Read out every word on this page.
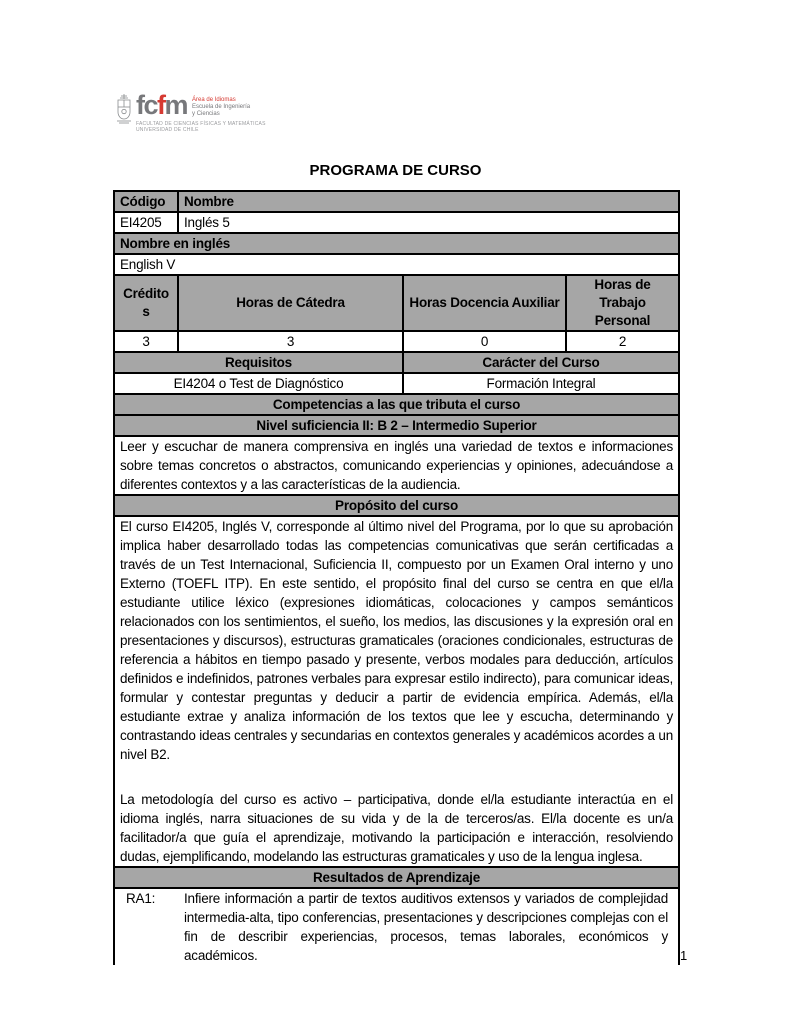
fcfm Área de Idiomas
Escuela de Ingeniería
y Ciencias
FACULTAD DE CIENCIAS FÍSICAS Y MATEMÁTICAS
UNIVERSIDAD DE CHILE
PROGRAMA DE CURSO
Código	Nombre		
EI4205	Inglés 5		
Nombre en inglés			
English V			
Créditos	Horas de Cátedra	Horas Docencia Auxiliar	Horas de Trabajo Personal
3	3	0	2
Requisitos		Carácter del Curso	
EI4204 o Test de Diagnóstico		Formación Integral	
Competencias a las que tributa el curso			
Nivel suficiencia II: B 2 – Intermedio Superior			
Leer y escuchar de manera comprensiva en inglés una variedad de textos e informaciones sobre temas concretos o abstractos, comunicando experiencias y opiniones, adecuándose a diferentes contextos y a las características de la audiencia.			
Propósito del curso			

El curso EI4205, Inglés V, corresponde al último nivel del Programa, por lo que su aprobación implica haber desarrollado todas las competencias comunicativas que serán certificadas a través de un Test Internacional, Suficiencia II, compuesto por un Examen Oral interno y uno Externo (TOEFL ITP). En este sentido, el propósito final del curso se centra en que el/la estudiante utilice léxico (expresiones idiomáticas, colocaciones y campos semánticos relacionados con los sentimientos, el sueño, los medios, las discusiones y la expresión oral en presentaciones y discursos), estructuras gramaticales (oraciones condicionales, estructuras de referencia a hábitos en tiempo pasado y presente, verbos modales para deducción, artículos definidos e indefinidos, patrones verbales para expresar estilo indirecto), para comunicar ideas, formular y contestar preguntas y deducir a partir de evidencia empírica. Además, el/la estudiante extrae y analiza información de los textos que lee y escucha, determinando y contrastando ideas centrales y secundarias en contextos generales y académicos acordes a un nivel B2.

La metodología del curso es activo – participativa, donde el/la estudiante interactúa en el idioma inglés, narra situaciones de su vida y de la de terceros/as. El/la docente es un/a facilitador/a que guía el aprendizaje, motivando la participación e interacción, resolviendo dudas, ejemplificando, modelando las estructuras gramaticales y uso de la lengua inglesa.			

Resultados de Aprendizaje			

RA1: Infiere información a partir de textos auditivos extensos y variados de complejidad intermedia-alta, tipo conferencias, presentaciones y descripciones complejas con el fin de describir experiencias, procesos, temas laborales, económicos y académicos.				1
